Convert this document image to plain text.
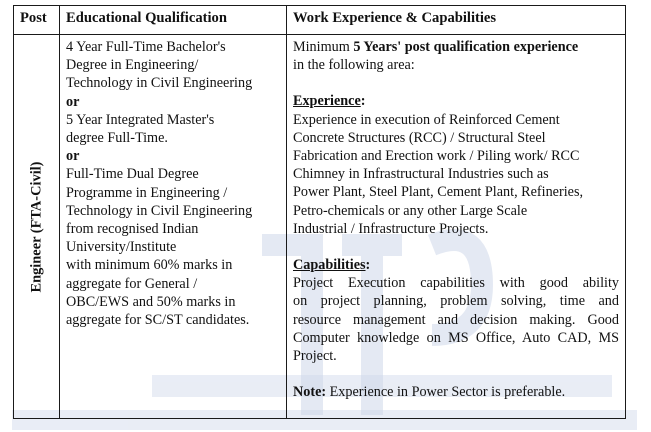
Post	Educational Qualification	Work Experience & Capabilities
Engineer (FTA-Civil)
4 Year Full-Time Bachelor's
Degree in Engineering/
Technology in Civil Engineering
or
5 Year Integrated Master's
degree Full-Time.
or
Full-Time Dual Degree
Programme in Engineering /
Technology in Civil Engineering
from recognised Indian
University/Institute
with minimum 60% marks in
aggregate for General /
OBC/EWS and 50% marks in
aggregate for SC/ST candidates.
Minimum 5 Years' post qualification experience
in the following area:
Experience:
Experience in execution of Reinforced Cement
Concrete Structures (RCC) / Structural Steel
Fabrication and Erection work / Piling work/ RCC
Chimney in Infrastructural Industries such as
Power Plant, Steel Plant, Cement Plant, Refineries,
Petro-chemicals or any other Large Scale
Industrial / Infrastructure Projects.
Capabilities:
Project Execution capabilities with good ability
on project planning, problem solving, time and
resource management and decision making. Good
Computer knowledge on MS Office, Auto CAD, MS
Project.
Note: Experience in Power Sector is preferable.
